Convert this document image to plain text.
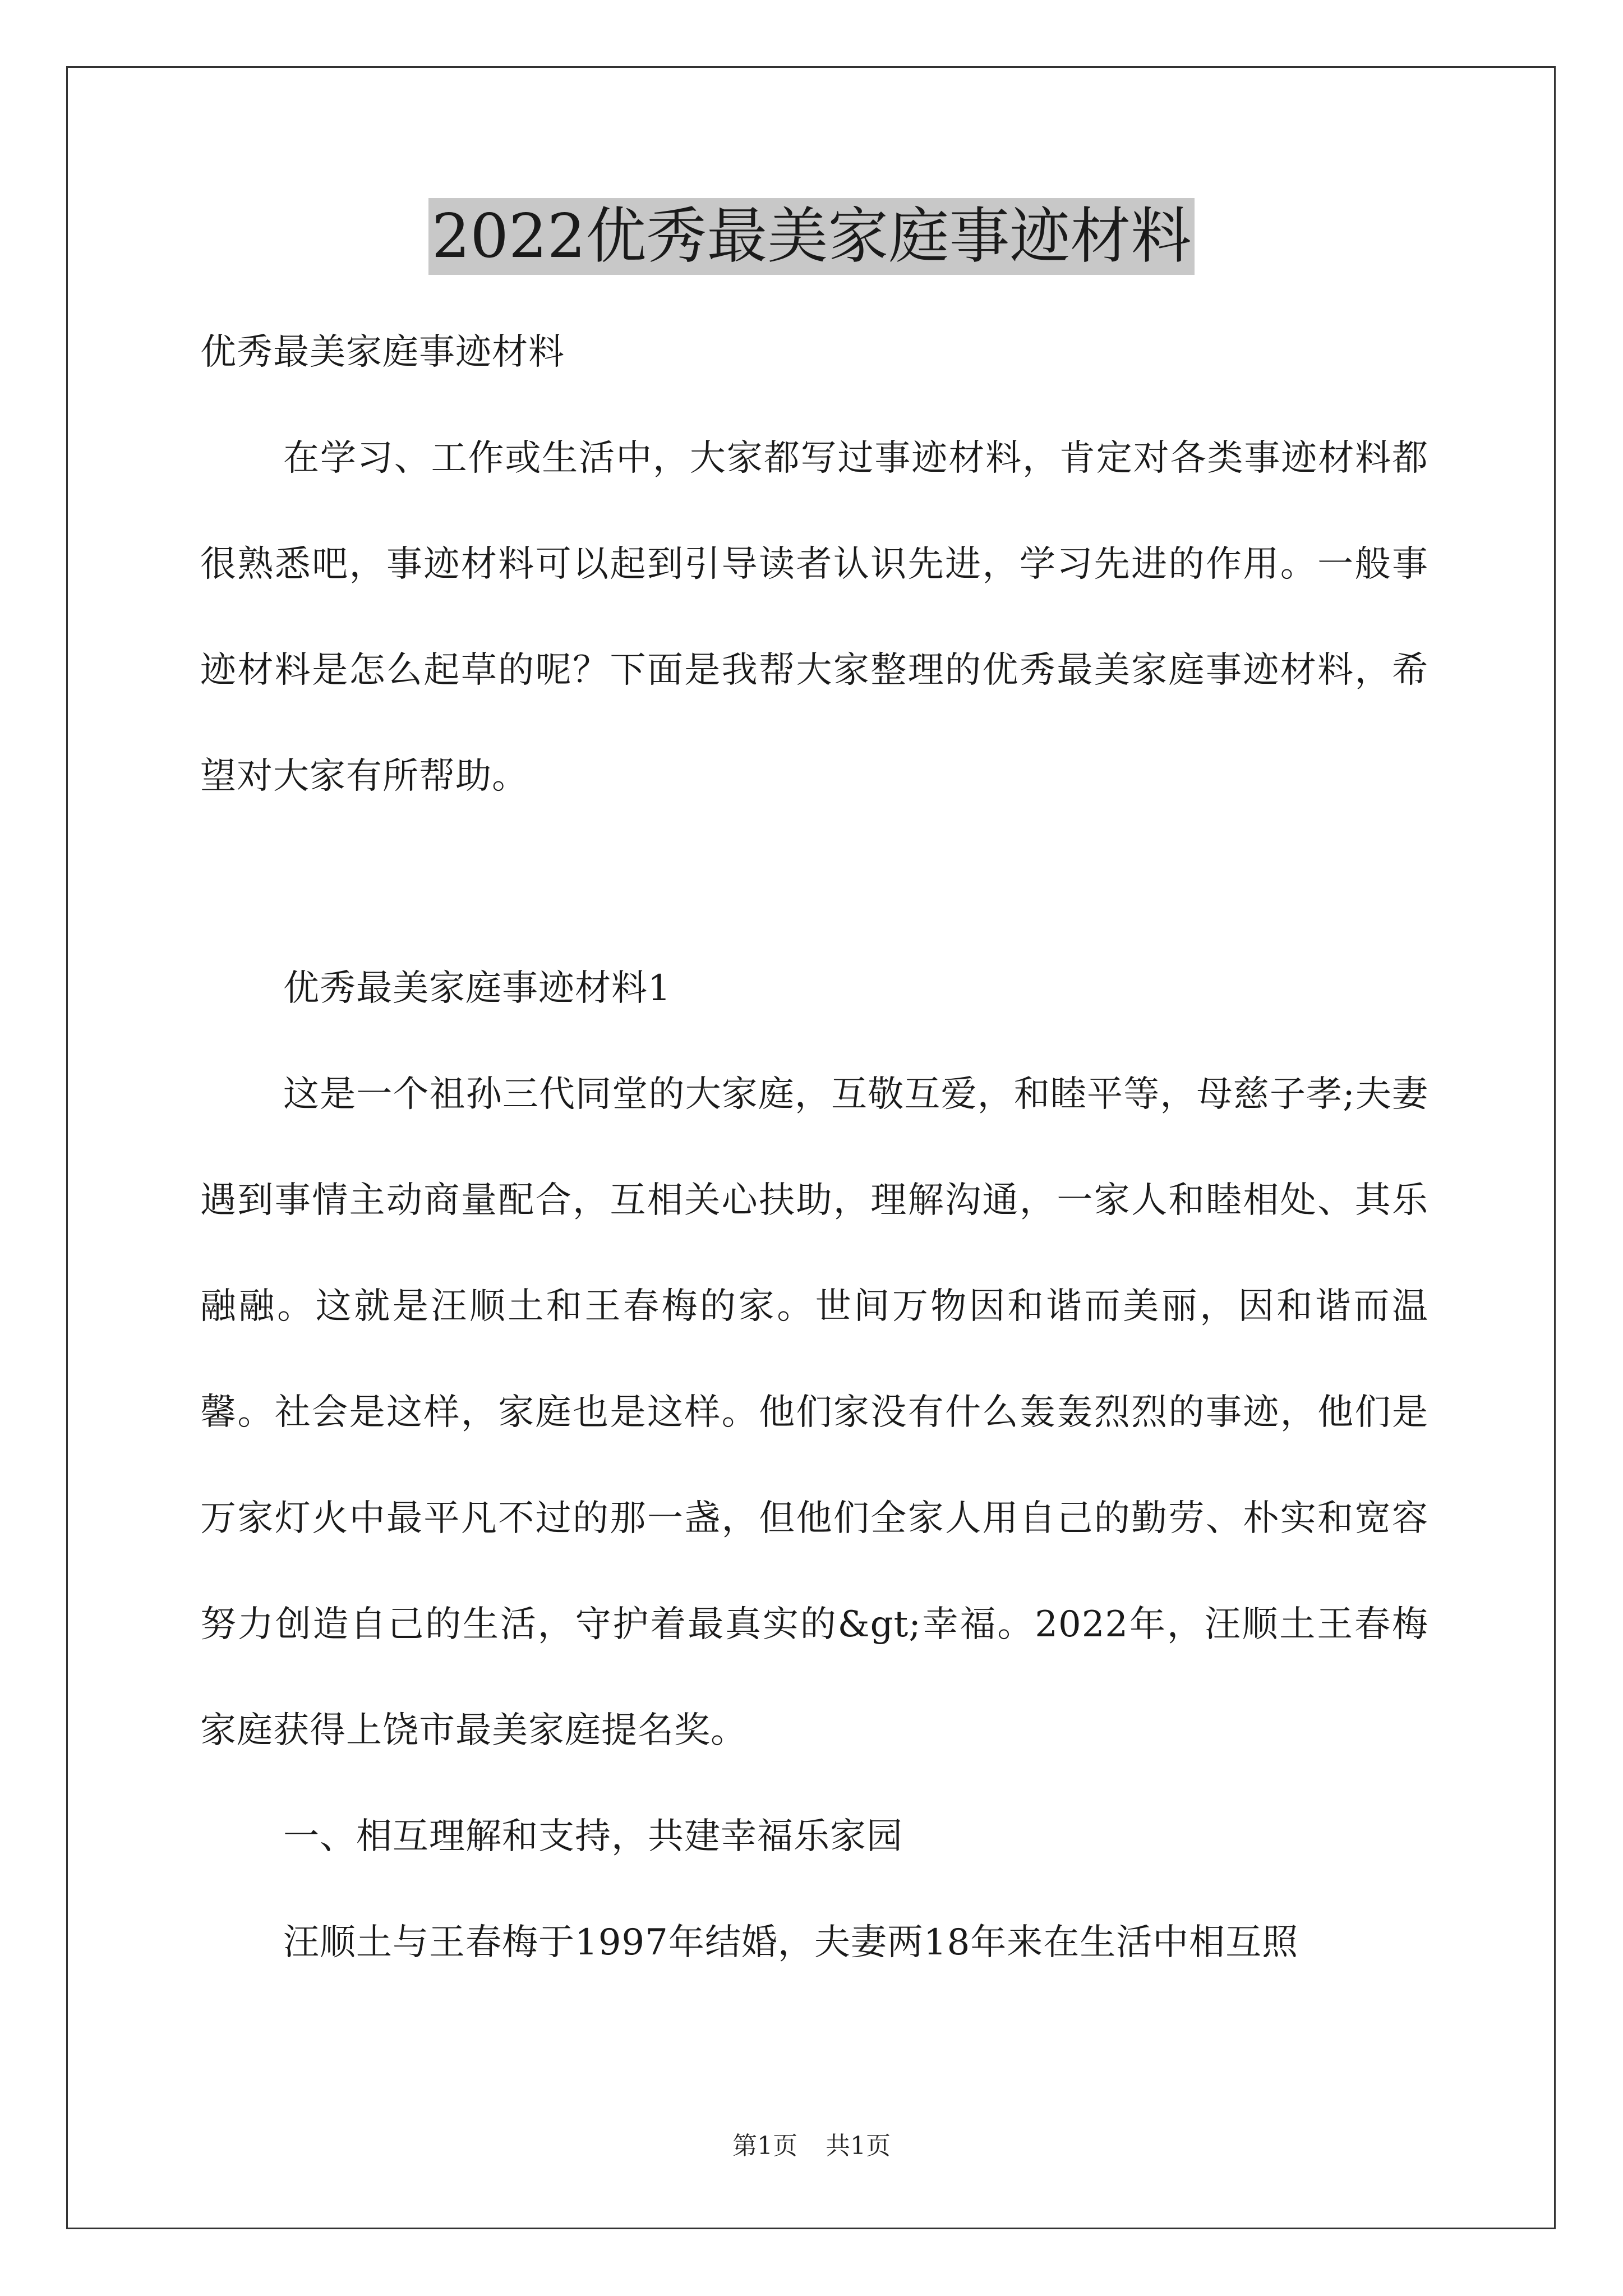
2022优秀最美家庭事迹材料

优秀最美家庭事迹材料

在学习、工作或生活中，大家都写过事迹材料，肯定对各类事迹材料都很熟悉吧，事迹材料可以起到引导读者认识先进，学习先进的作用。一般事迹材料是怎么起草的呢？下面是我帮大家整理的优秀最美家庭事迹材料，希望对大家有所帮助。

优秀最美家庭事迹材料1

这是一个祖孙三代同堂的大家庭，互敬互爱，和睦平等，母慈子孝;夫妻遇到事情主动商量配合，互相关心扶助，理解沟通，一家人和睦相处、其乐融融。这就是汪顺土和王春梅的家。世间万物因和谐而美丽，因和谐而温馨。社会是这样，家庭也是这样。他们家没有什么轰轰烈烈的事迹，他们是万家灯火中最平凡不过的那一盏，但他们全家人用自己的勤劳、朴实和宽容努力创造自己的生活，守护着最真实的&gt;幸福。2022年，汪顺土王春梅家庭获得上饶市最美家庭提名奖。

一、相互理解和支持，共建幸福乐家园

汪顺土与王春梅于1997年结婚，夫妻两18年来在生活中相互照

第1页 共1页
